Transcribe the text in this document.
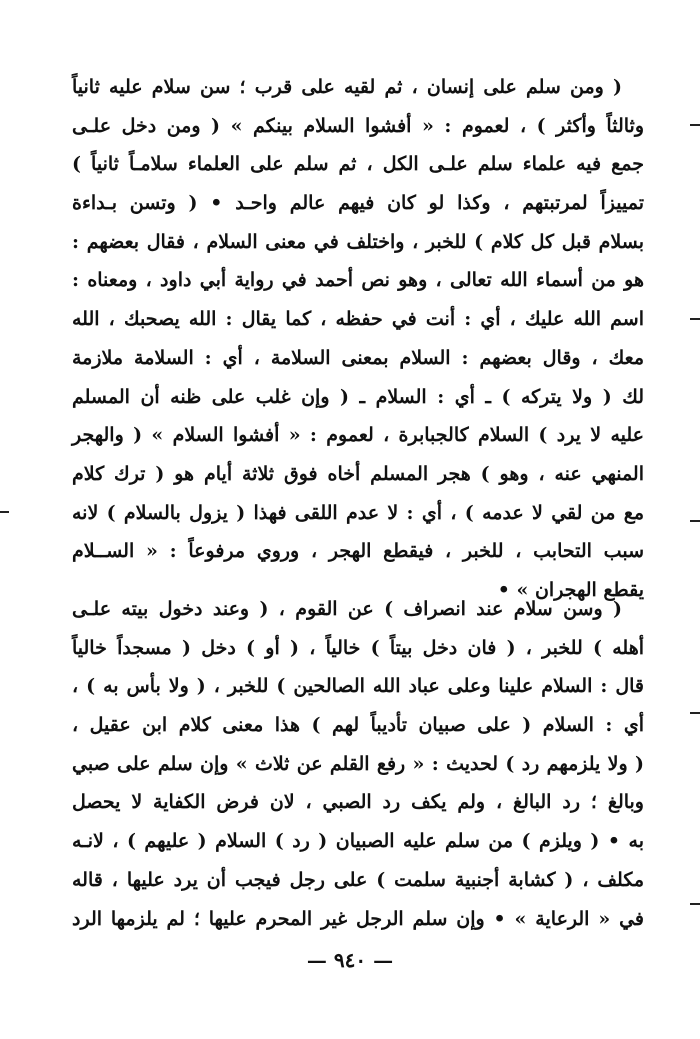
( ومن سلم على إنسان ، ثم لقيه على قرب ؛ سن سلام عليه ثانياً
وثالثاً وأكثر ) ، لعموم : « أفشوا السلام بينكم » ( ومن دخل علـى
جمع فيه علماء سلم علـى الكل ، ثم سلم على العلماء سلامـاً ثانياً )
تمييزاً لمرتبتهم ، وكذا لو كان فيهم عالم واحـد • ( وتسن بـداءة
بسلام قبل كل كلام ) للخبر ، واختلف في معنى السلام ، فقال بعضهم :
هو من أسماء الله تعالى ، وهو نص أحمد في رواية أبي داود ، ومعناه :
اسم الله عليك ، أي : أنت في حفظه ، كما يقال : الله يصحبك ، الله
معك ، وقال بعضهم : السلام بمعنى السلامة ، أي : السلامة ملازمة
لك ( ولا يتركه ) ـ أي : السلام ـ ( وإن غلب على ظنه أن المسلم
عليه لا يرد ) السلام كالجبابرة ، لعموم : « أفشوا السلام » ( والهجر
المنهي عنه ، وهو ) هجر المسلم أخاه فوق ثلاثة أيام هو ( ترك كلام
مع من لقي لا عدمه ) ، أي : لا عدم اللقى فهذا ( يزول بالسلام ) لانه
سبب التحابب ، للخبر ، فيقطع الهجر ، وروي مرفوعاً : « الســلام
يقطع الهجران » •
( وسن سلام عند انصراف ) عن القوم ، ( وعند دخول بيته علـى
أهله ) للخبر ، ( فان دخل بيتاً ) خالياً ، ( أو ) دخل ( مسجداً خالياً
قال : السلام علينا وعلى عباد الله الصالحين ) للخبر ، ( ولا بأس به ) ،
أي : السلام ( على صبيان تأديباً لهم ) هذا معنى كلام ابن عقيل ،
( ولا يلزمهم رد ) لحديث : « رفع القلم عن ثلاث » وإن سلم على صبي
وبالغ ؛ رد البالغ ، ولم يكف رد الصبي ، لان فرض الكفاية لا يحصل
به • ( ويلزم ) من سلم عليه الصبيان ( رد ) السلام ( عليهم ) ، لانـه
مكلف ، ( كشابة أجنبية سلمت ) على رجل فيجب أن يرد عليها ، قاله
في « الرعاية » • وإن سلم الرجل غير المحرم عليها ؛ لم يلزمها الرد
— ٩٤٠ —
